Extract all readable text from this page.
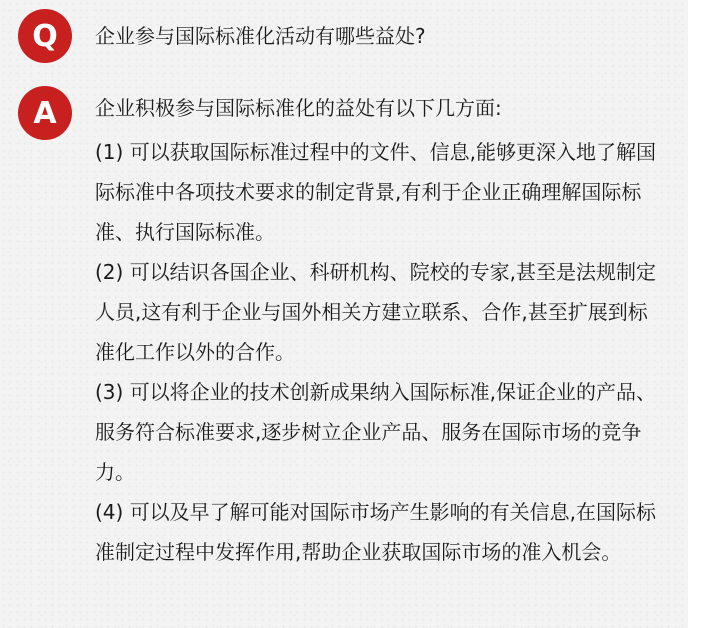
Q	企业参与国际标准化活动有哪些益处?
A	企业积极参与国际标准化的益处有以下几方面:

(1) 可以获取国际标准过程中的文件、信息,能够更深入地了解国际标准中各项技术要求的制定背景,有利于企业正确理解国际标准、执行国际标准。

(2) 可以结识各国企业、科研机构、院校的专家,甚至是法规制定人员,这有利于企业与国外相关方建立联系、合作,甚至扩展到标准化工作以外的合作。

(3) 可以将企业的技术创新成果纳入国际标准,保证企业的产品、服务符合标准要求,逐步树立企业产品、服务在国际市场的竞争力。

(4) 可以及早了解可能对国际市场产生影响的有关信息,在国际标准制定过程中发挥作用,帮助企业获取国际市场的准入机会。
